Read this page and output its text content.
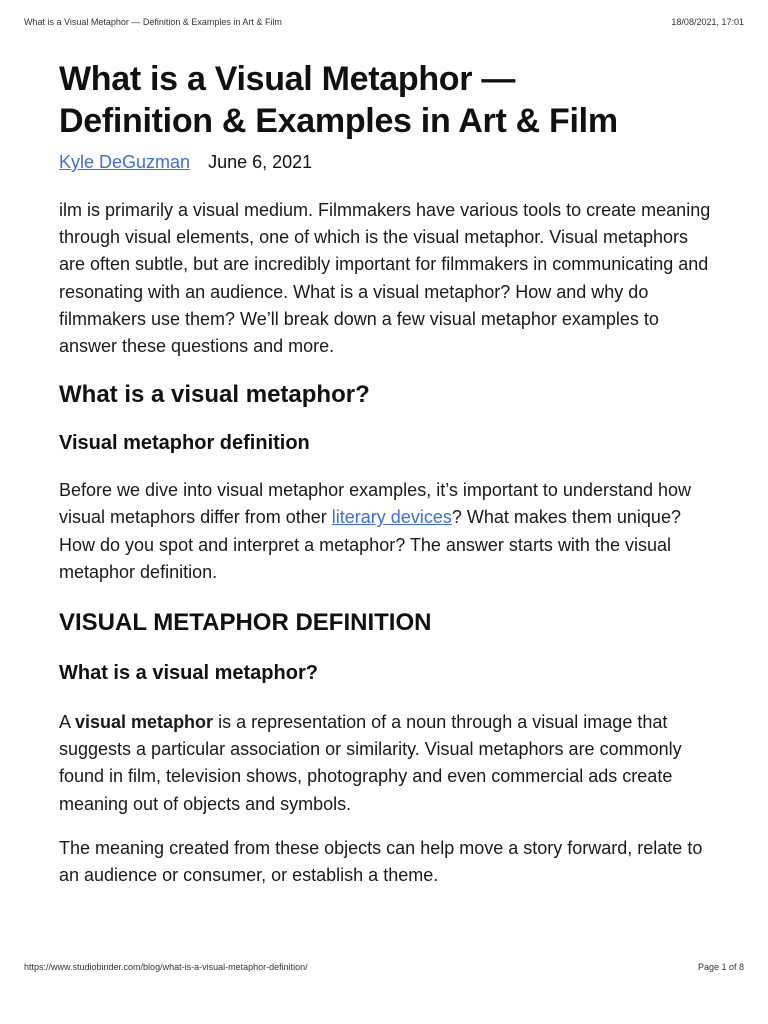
What is a Visual Metaphor — Definition & Examples in Art & Film	18/08/2021, 17:01
What is a Visual Metaphor —
Definition & Examples in Art & Film
Kyle DeGuzman June 6, 2021

ilm is primarily a visual medium. Filmmakers have various tools to create meaning through visual elements, one of which is the visual metaphor. Visual metaphors are often subtle, but are incredibly important for filmmakers in communicating and resonating with an audience. What is a visual metaphor? How and why do filmmakers use them? We’ll break down a few visual metaphor examples to answer these questions and more.

What is a visual metaphor?
Visual metaphor definition

Before we dive into visual metaphor examples, it’s important to understand how visual metaphors differ from other literary devices? What makes them unique? How do you spot and interpret a metaphor? The answer starts with the visual metaphor definition.

VISUAL METAPHOR DEFINITION
What is a visual metaphor?

A visual metaphor is a representation of a noun through a visual image that suggests a particular association or similarity. Visual metaphors are commonly found in film, television shows, photography and even commercial ads create meaning out of objects and symbols.

The meaning created from these objects can help move a story forward, relate to an audience or consumer, or establish a theme.

https://www.studiobinder.com/blog/what-is-a-visual-metaphor-definition/	Page 1 of 8
